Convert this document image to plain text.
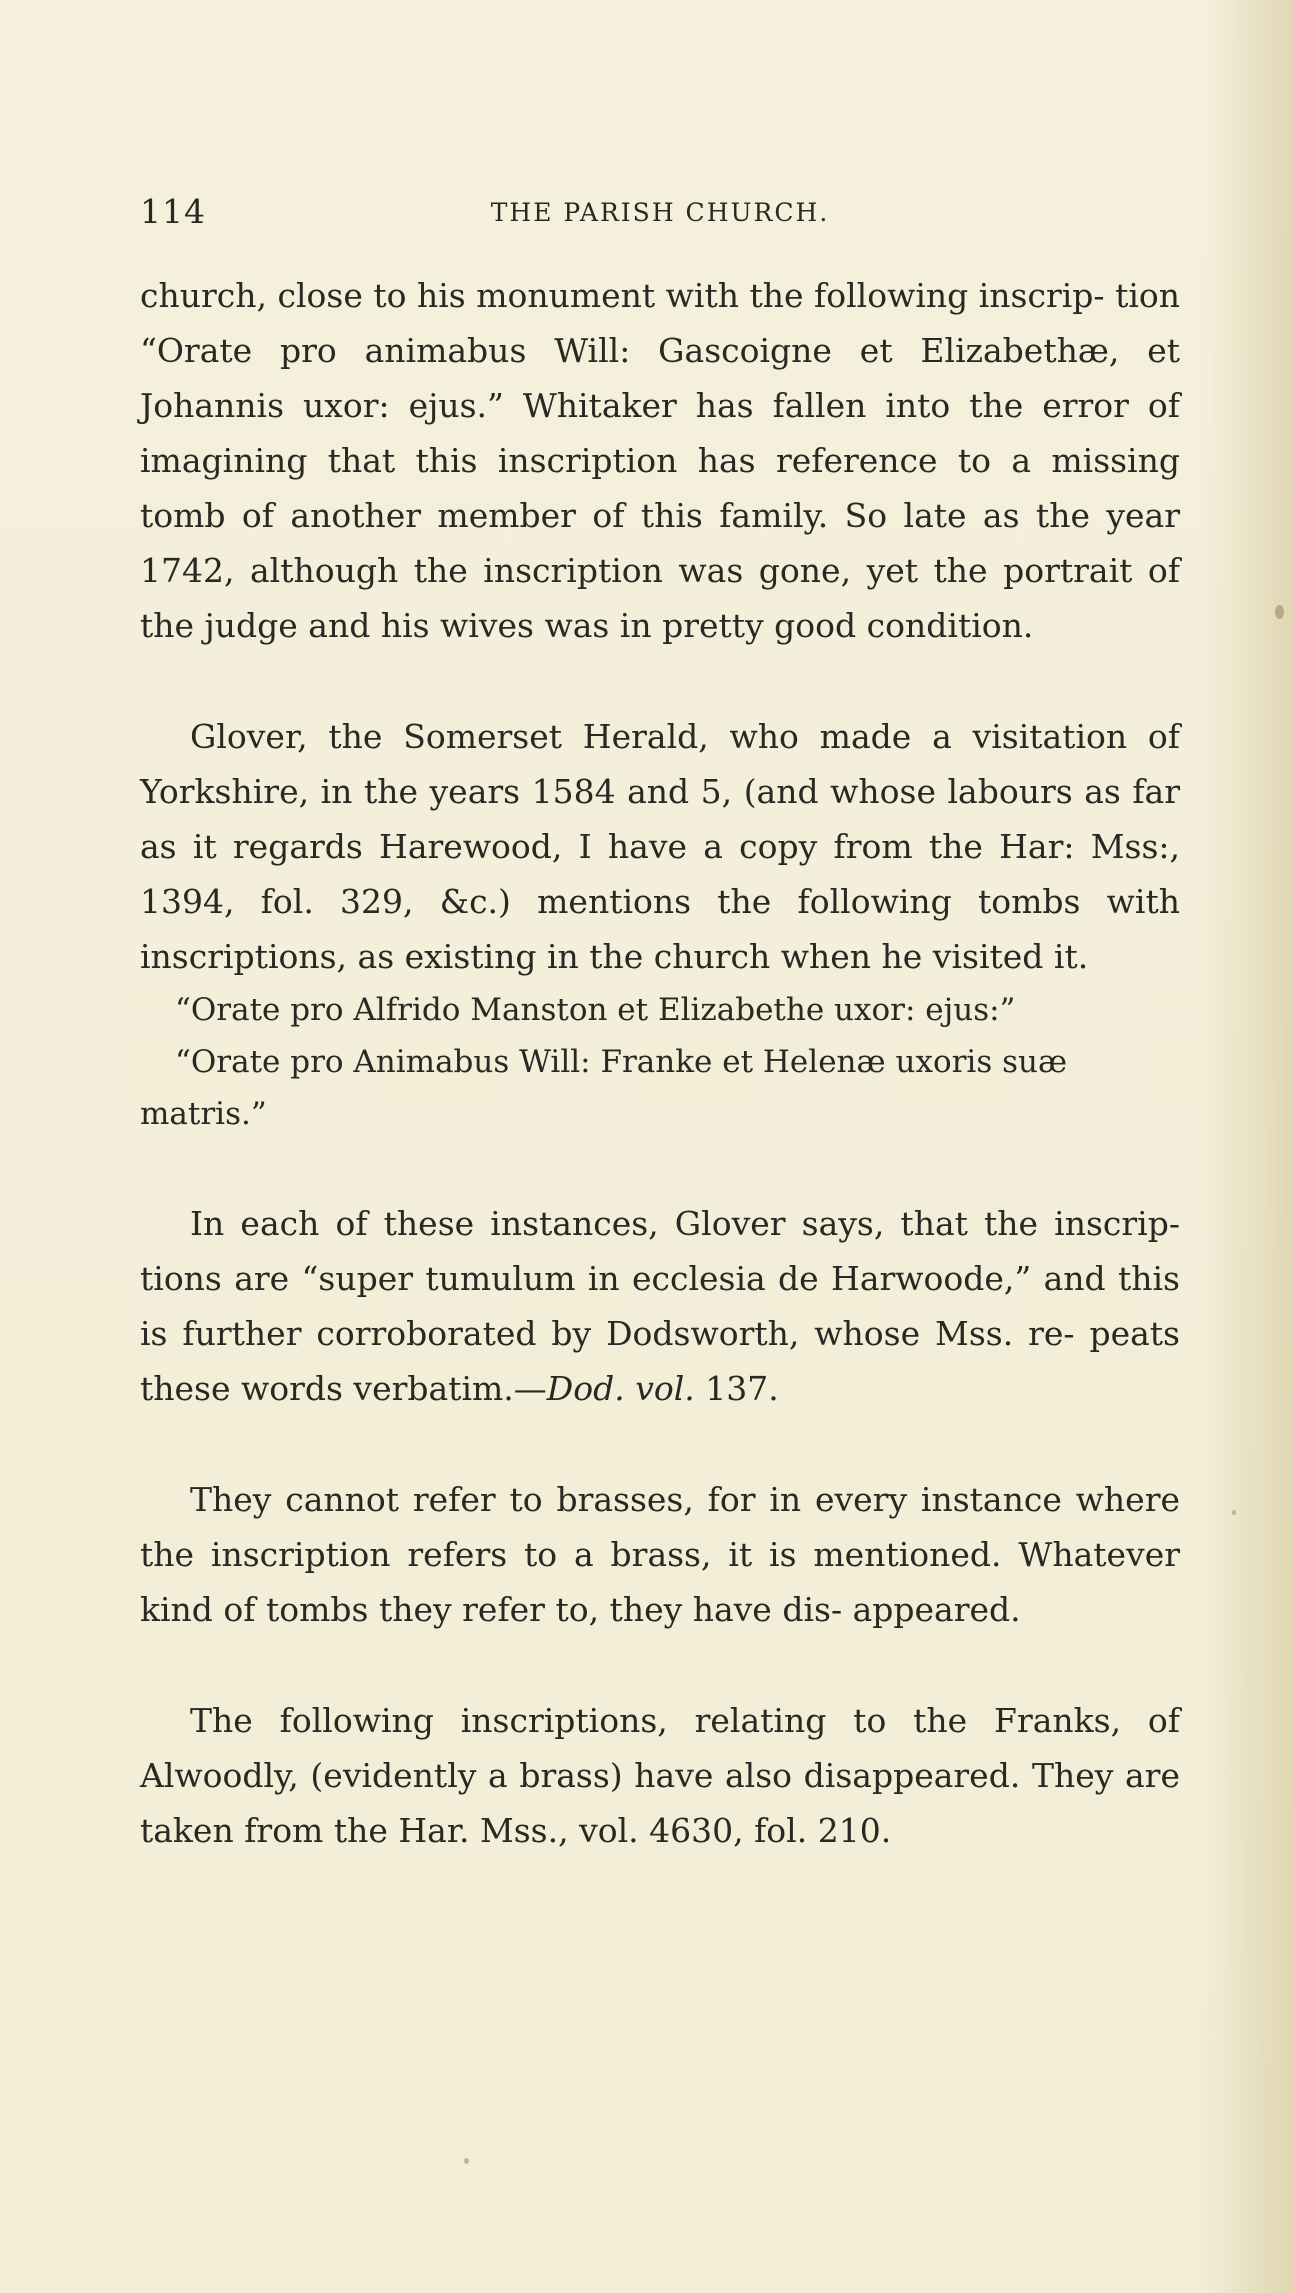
114	THE PARISH CHURCH.

church, close to his monument with the following inscrip- tion “Orate pro animabus Will: Gascoigne et Elizabethæ, et Johannis uxor: ejus.” Whitaker has fallen into the error of imagining that this inscription has reference to a missing tomb of another member of this family. So late as the year 1742, although the inscription was gone, yet the portrait of the judge and his wives was in pretty good condition.

Glover, the Somerset Herald, who made a visitation of Yorkshire, in the years 1584 and 5, (and whose labours as far as it regards Harewood, I have a copy from the Har: Mss:, 1394, fol. 329, &c.) mentions the following tombs with inscriptions, as existing in the church when he visited it.

“Orate pro Alfrido Manston et Elizabethe uxor: ejus:”

“Orate pro Animabus Will: Franke et Helenæ uxoris suæ matris.”

In each of these instances, Glover says, that the inscrip- tions are “super tumulum in ecclesia de Harwoode,” and this is further corroborated by Dodsworth, whose Mss. re- peats these words verbatim.—Dod. vol. 137.

They cannot refer to brasses, for in every instance where the inscription refers to a brass, it is mentioned. Whatever kind of tombs they refer to, they have dis- appeared.

The following inscriptions, relating to the Franks, of Alwoodly, (evidently a brass) have also disappeared. They are taken from the Har. Mss., vol. 4630, fol. 210.
